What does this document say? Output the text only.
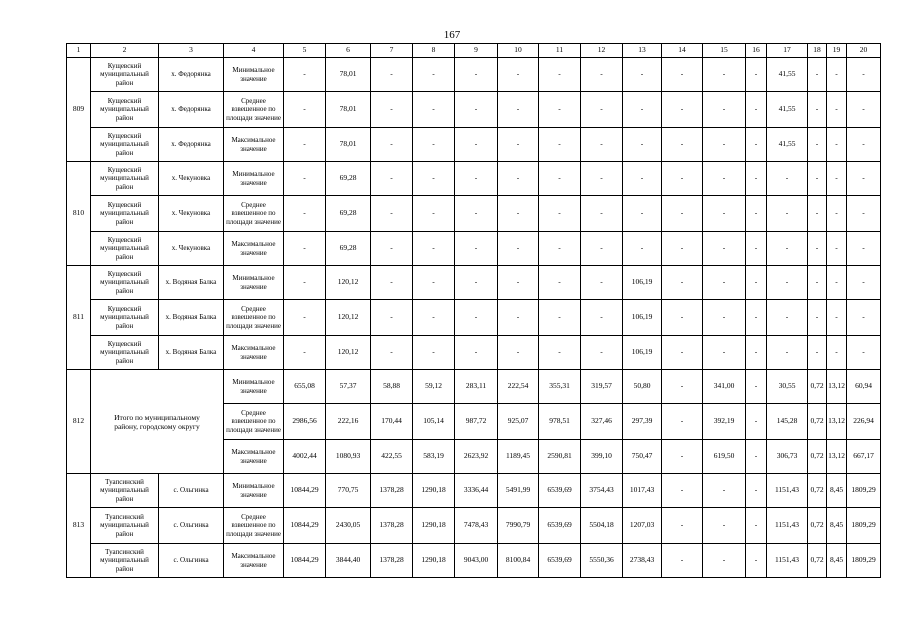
167
1	2	3	4	5	6	7	8	9	10	11	12	13	14	15	16	17	18	19	20
809	Кущевский муниципальный район	х. Федорянка	Минимальное значение	-	78,01	-	-	-	-	-	-	-	-	-	-	41,55	-	-	-
	Кущевский муниципальный район	х. Федорянка	Среднее взвешенное по площади значение	-	78,01	-	-	-	-	-	-	-	-	-	-	41,55	-	-	-
	Кущевский муниципальный район	х. Федорянка	Максимальное значение	-	78,01	-	-	-	-	-	-	-	-	-	-	41,55	-	-	-
810	Кущевский муниципальный район	х. Чекуновка	Минимальное значение	-	69,28	-	-	-	-	-	-	-	-	-	-	-	-	-	-
	Кущевский муниципальный район	х. Чекуновка	Среднее взвешенное по площади значение	-	69,28	-	-	-	-	-	-	-	-	-	-	-	-	-	-
	Кущевский муниципальный район	х. Чекуновка	Максимальное значение	-	69,28	-	-	-	-	-	-	-	-	-	-	-	-	-	-
811	Кущевский муниципальный район	х. Водяная Балка	Минимальное значение	-	120,12	-	-	-	-	-	-	106,19	-	-	-	-	-	-	-
	Кущевский муниципальный район	х. Водяная Балка	Среднее взвешенное по площади значение	-	120,12	-	-	-	-	-	-	106,19	-	-	-	-	-	-	-
	Кущевский муниципальный район	х. Водяная Балка	Максимальное значение	-	120,12	-	-	-	-	-	-	106,19	-	-	-	-	-	-	-
812	Итого по муниципальному району, городскому округу		Минимальное значение	655,08	57,37	58,88	59,12	283,11	222,54	355,31	319,57	50,80	-	341,00	-	30,55	0,72	13,12	60,94
			Среднее взвешенное по площади значение	2986,56	222,16	170,44	105,14	987,72	925,07	978,51	327,46	297,39	-	392,19	-	145,28	0,72	13,12	226,94
			Максимальное значение	4002,44	1080,93	422,55	583,19	2623,92	1189,45	2590,81	399,10	750,47	-	619,50	-	306,73	0,72	13,12	667,17
813	Туапсинский муниципальный район	с. Ольгинка	Минимальное значение	10844,29	770,75	1378,28	1290,18	3336,44	5491,99	6539,69	3754,43	1017,43	-	-	-	1151,43	0,72	8,45	1809,29
	Туапсинский муниципальный район	с. Ольгинка	Среднее взвешенное по площади значение	10844,29	2430,05	1378,28	1290,18	7478,43	7990,79	6539,69	5504,18	1207,03	-	-	-	1151,43	0,72	8,45	1809,29
	Туапсинский муниципальный район	с. Ольгинка	Максимальное значение	10844,29	3844,40	1378,28	1290,18	9043,00	8100,84	6539,69	5550,36	2738,43	-	-	-	1151,43	0,72	8,45	1809,29
